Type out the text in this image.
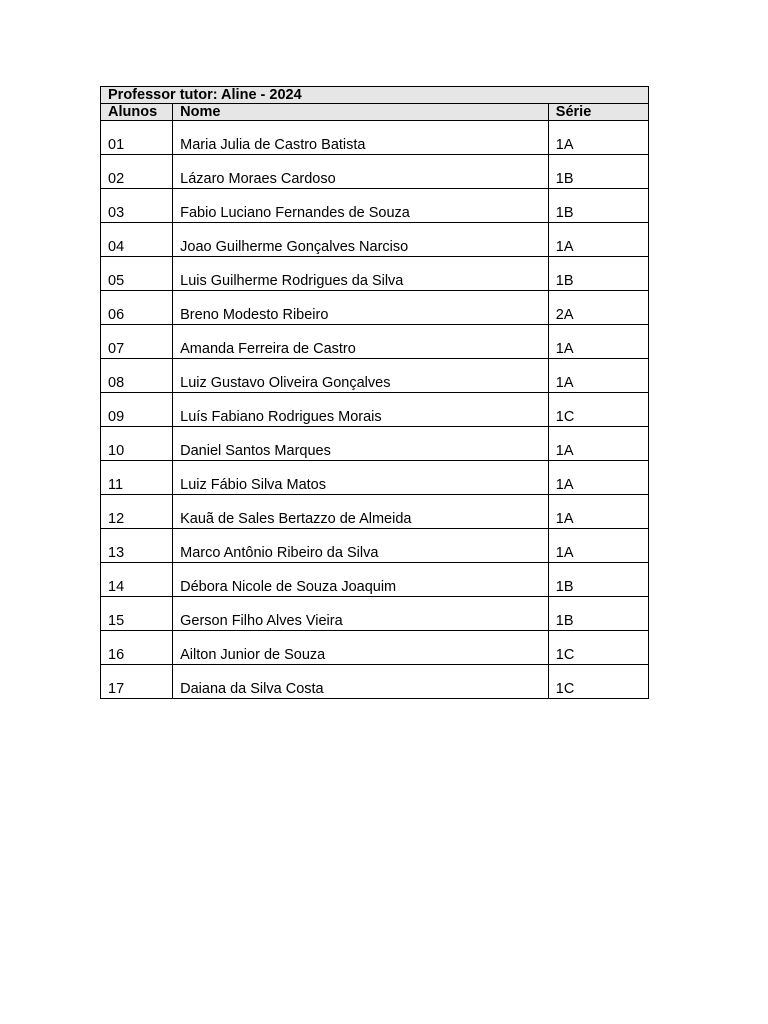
Professor tutor: Aline - 2024		
Alunos	Nome	Série
01	Maria Julia de Castro Batista	1A
02	Lázaro Moraes Cardoso	1B
03	Fabio Luciano Fernandes de Souza	1B
04	Joao Guilherme Gonçalves Narciso	1A
05	Luis Guilherme Rodrigues da Silva	1B
06	Breno Modesto Ribeiro	2A
07	Amanda Ferreira de Castro	1A
08	Luiz Gustavo Oliveira Gonçalves	1A
09	Luís Fabiano Rodrigues Morais	1C
10	Daniel Santos Marques	1A
11	Luiz Fábio Silva Matos	1A
12	Kauã de Sales Bertazzo de Almeida	1A
13	Marco Antônio Ribeiro da Silva	1A
14	Débora Nicole de Souza Joaquim	1B
15	Gerson Filho Alves Vieira	1B
16	Ailton Junior de Souza	1C
17	Daiana da Silva Costa	1C
